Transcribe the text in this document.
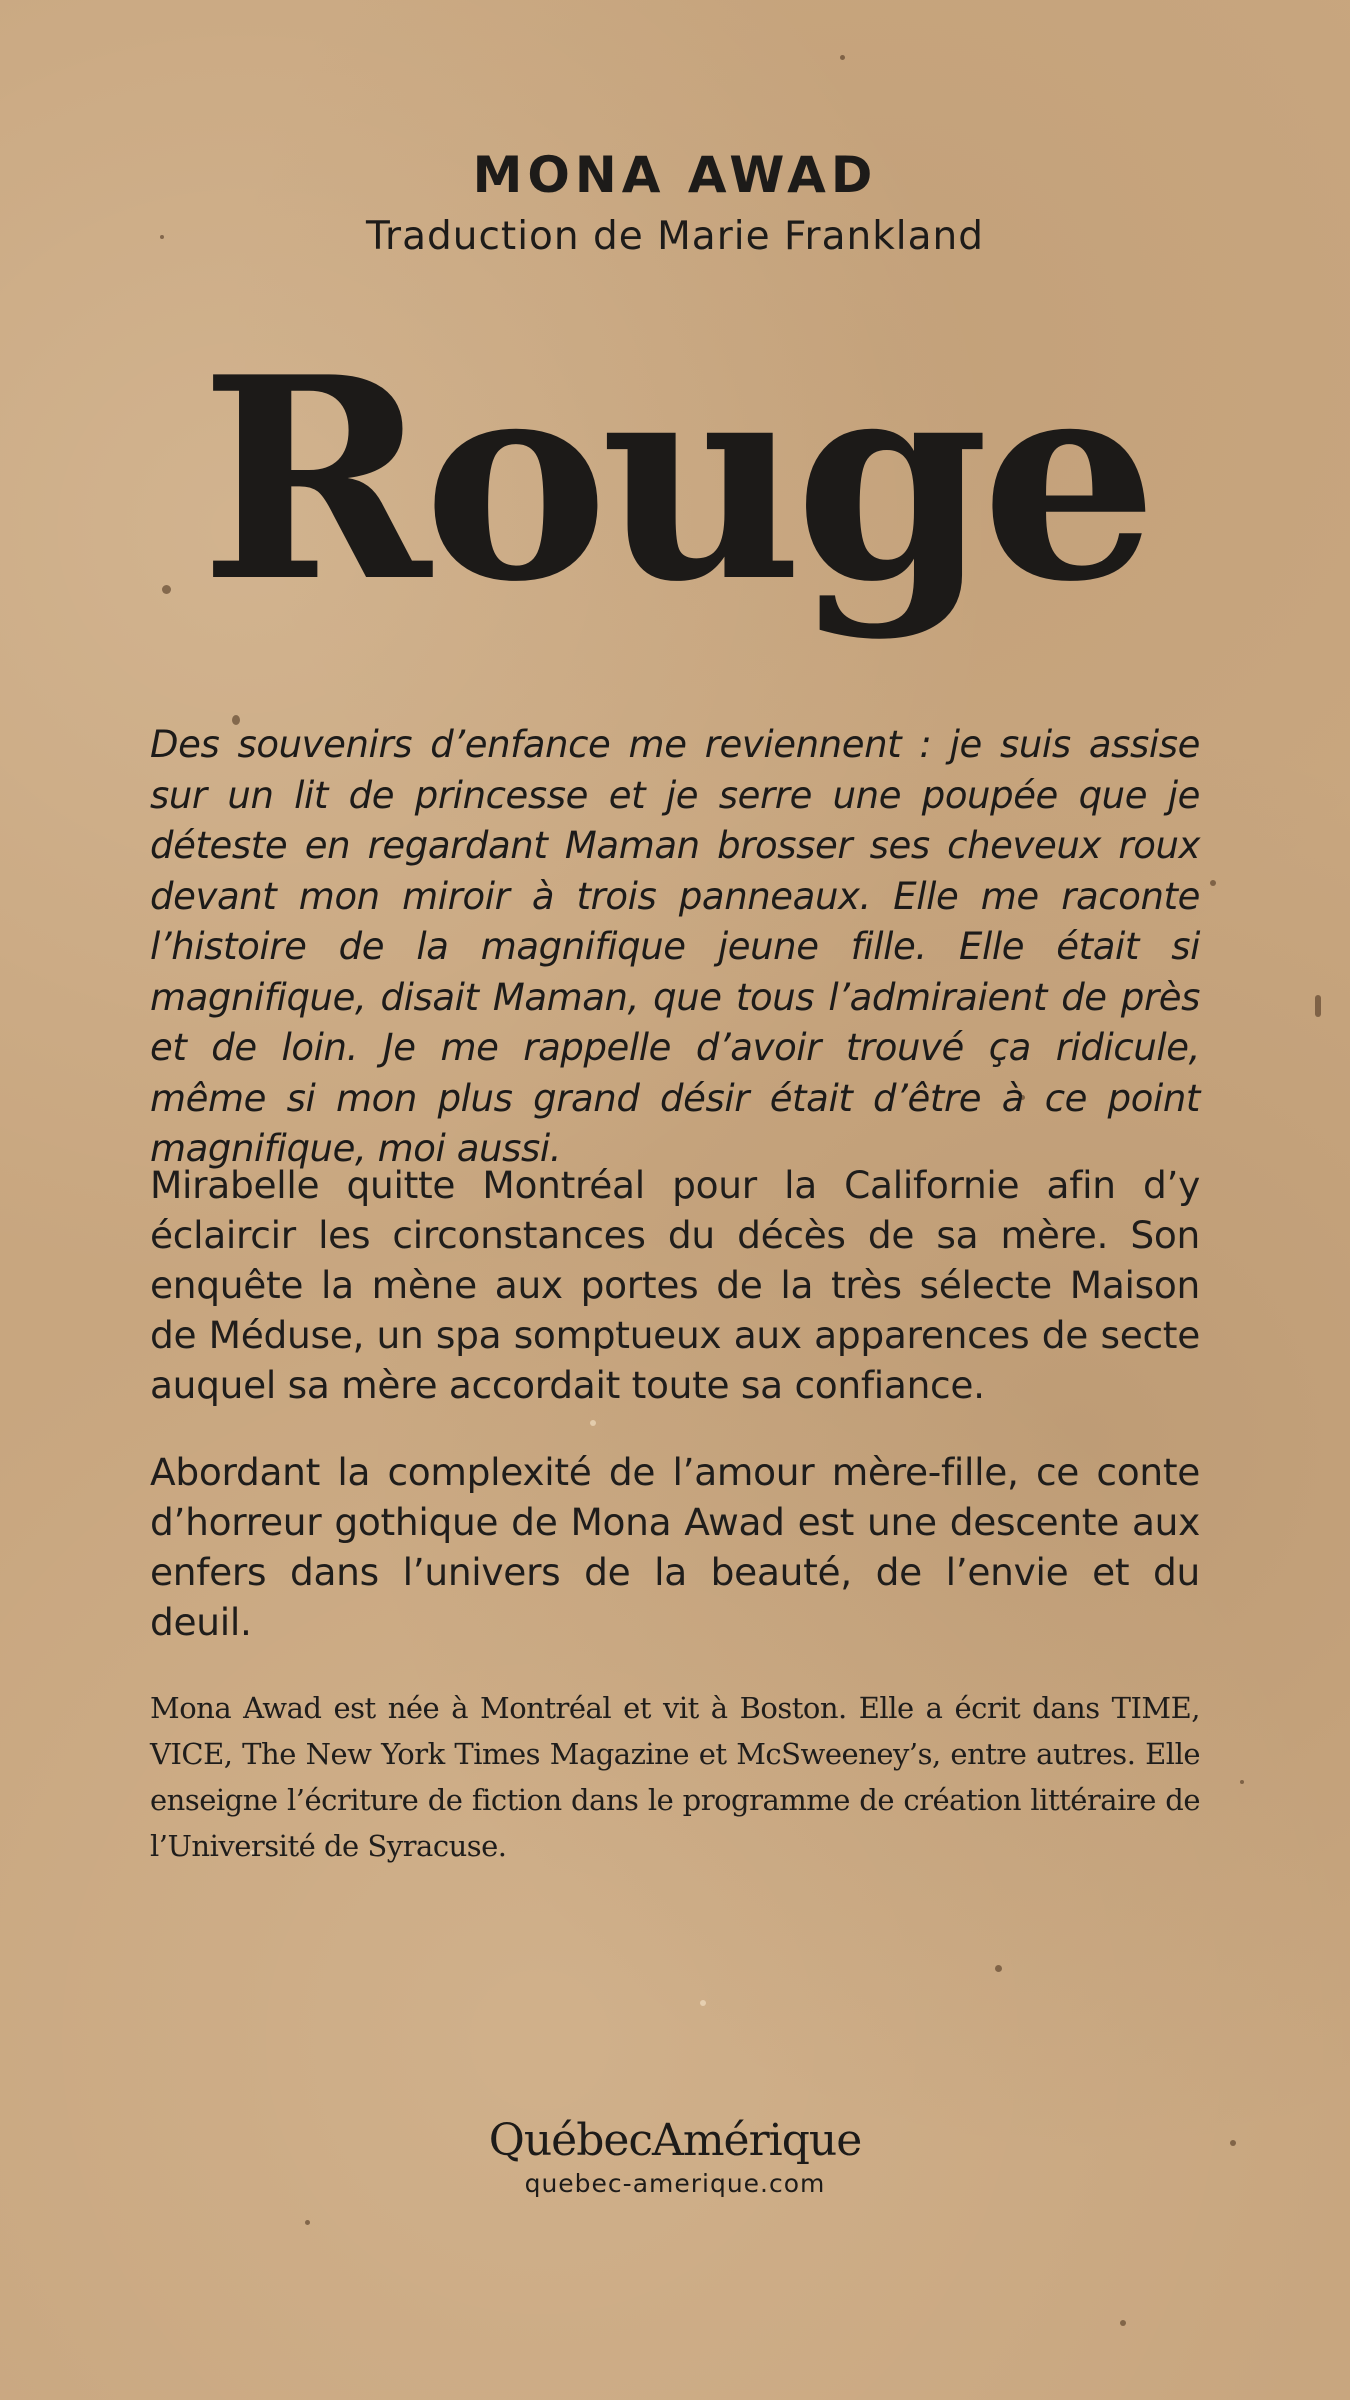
MONA AWAD
Traduction de Marie Frankland
Rouge

Des souvenirs d’enfance me reviennent : je suis assise sur un lit de princesse et je serre une poupée que je déteste en regardant Maman brosser ses cheveux roux devant mon miroir à trois panneaux. Elle me raconte l’histoire de la magnifique jeune fille. Elle était si magnifique, disait Maman, que tous l’admiraient de près et de loin. Je me rappelle d’avoir trouvé ça ridicule, même si mon plus grand désir était d’être à ce point magnifique, moi aussi.

Mirabelle quitte Montréal pour la Californie afin d’y éclaircir les circonstances du décès de sa mère. Son enquête la mène aux portes de la très sélecte Maison de Méduse, un spa somptueux aux apparences de secte auquel sa mère accordait toute sa confiance.

Abordant la complexité de l’amour mère-fille, ce conte d’horreur gothique de Mona Awad est une descente aux enfers dans l’univers de la beauté, de l’envie et du deuil.

Mona Awad est née à Montréal et vit à Boston. Elle a écrit dans TIME, VICE, The New York Times Magazine et McSweeney’s, entre autres. Elle enseigne l’écriture de fiction dans le programme de création littéraire de l’Université de Syracuse.

QuébecAmérique
quebec-amerique.com
